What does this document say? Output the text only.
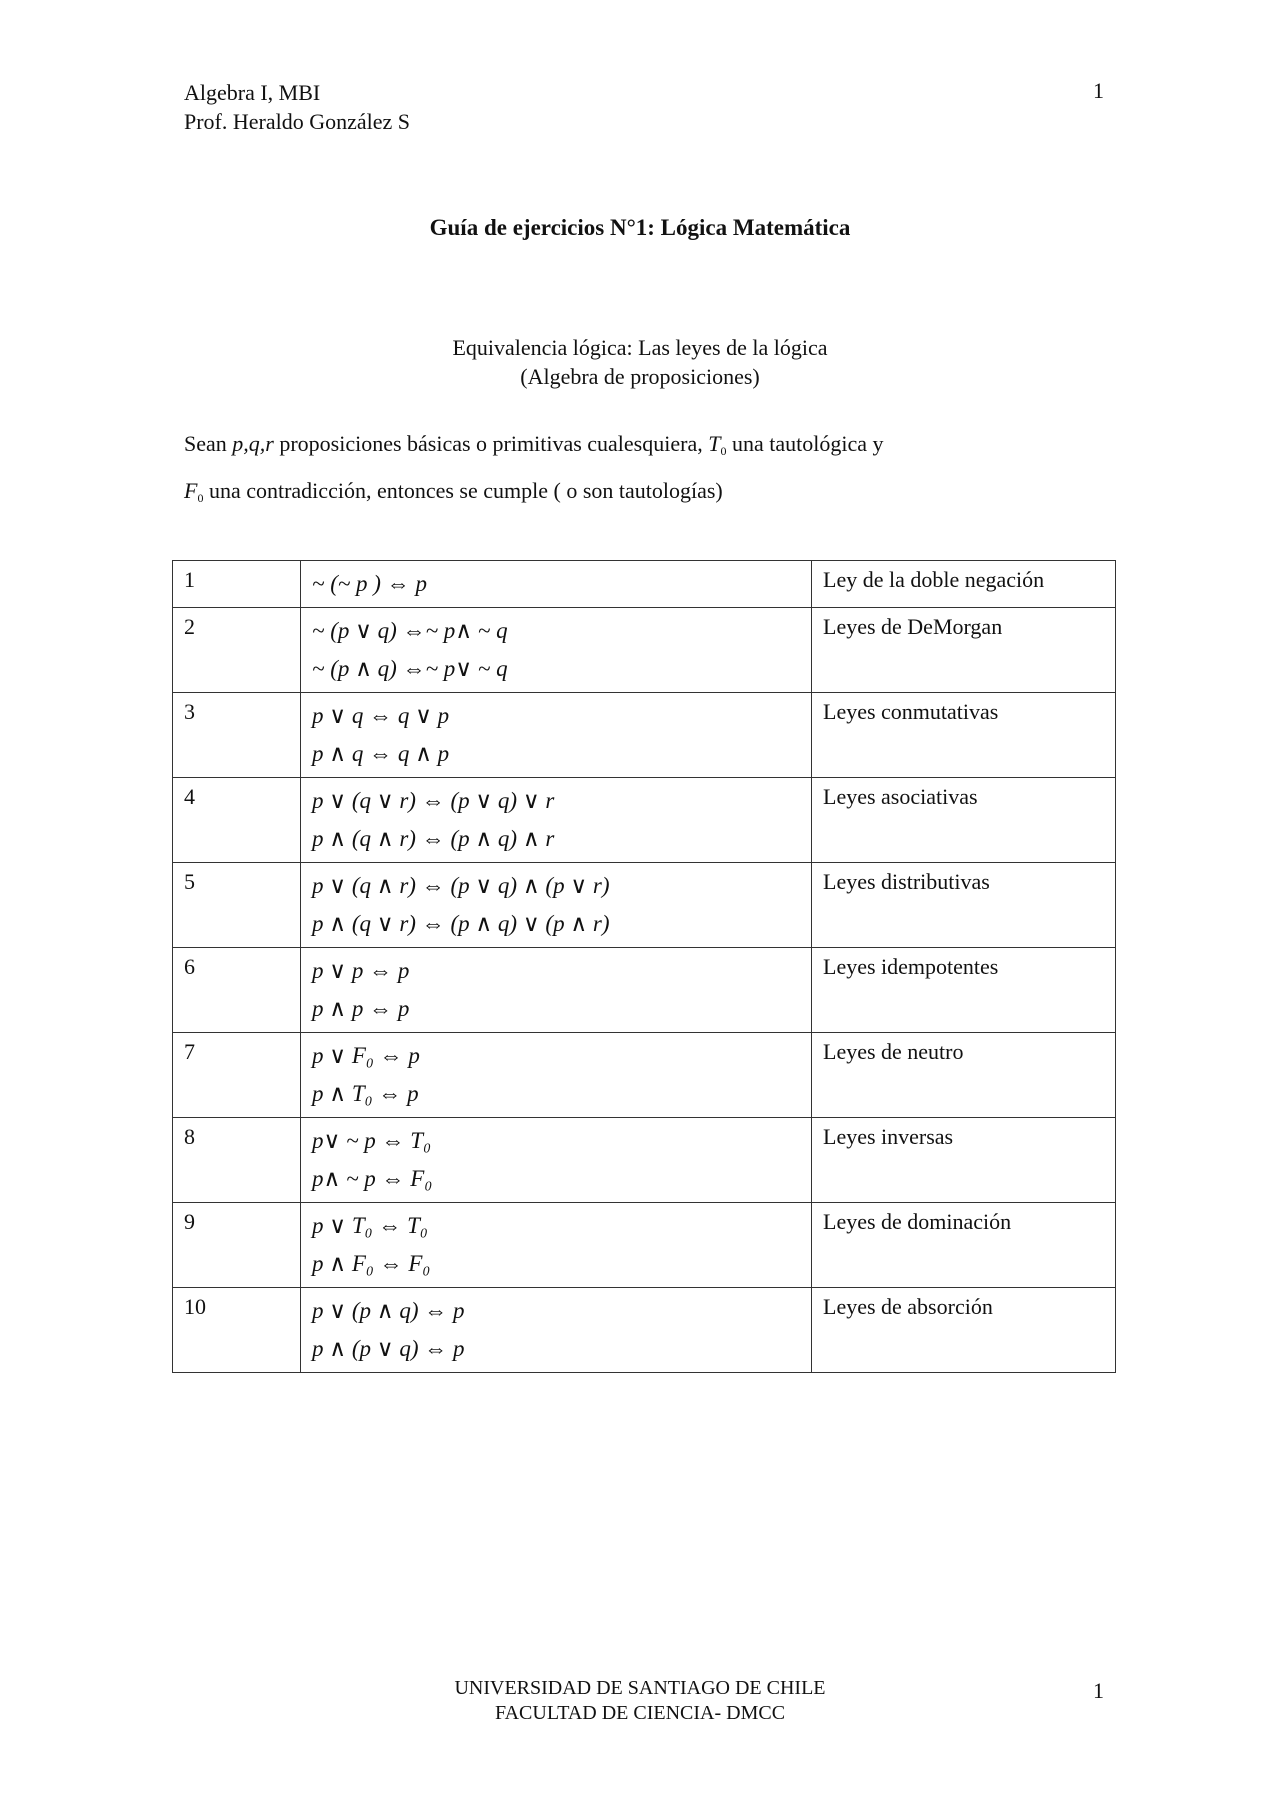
Algebra I, MBI
Prof. Heraldo González S
1
Guía de ejercicios N°1: Lógica Matemática
Equivalencia lógica: Las leyes de la lógica
(Algebra de proposiciones)
Sean p,q,r proposiciones básicas o primitivas cualesquiera, $T_0$ una tautológica y
$F_0$ una contradicción, entonces se cumple ( o son tautologías)
1	~ (~ p ) ⇔ p	Ley de la doble negación
2	~ (p ∨ q) ⇔~ p∧ ~ q
~ (p ∧ q) ⇔~ p∨ ~ q	Leyes de DeMorgan
3	p ∨ q ⇔ q ∨ p
p ∧ q ⇔ q ∧ p	Leyes conmutativas
4	p ∨ (q ∨ r) ⇔ (p ∨ q) ∨ r
p ∧ (q ∧ r) ⇔ (p ∧ q) ∧ r	Leyes asociativas
5	p ∨ (q ∧ r) ⇔ (p ∨ q) ∧ (p ∨ r)
p ∧ (q ∨ r) ⇔ (p ∧ q) ∨ (p ∧ r)	Leyes distributivas
6	p ∨ p ⇔ p
p ∧ p ⇔ p	Leyes idempotentes
7	p ∨ F₀ ⇔ p
p ∧ T₀ ⇔ p	Leyes de neutro
8	p∨ ~ p ⇔ T₀
p∧ ~ p ⇔ F₀	Leyes inversas
9	p ∨ T₀ ⇔ T₀
p ∧ F₀ ⇔ F₀	Leyes de dominación
10	p ∨ (p ∧ q) ⇔ p
p ∧ (p ∨ q) ⇔ p	Leyes de absorción
UNIVERSIDAD DE SANTIAGO DE CHILE
FACULTAD DE CIENCIA- DMCC
1
